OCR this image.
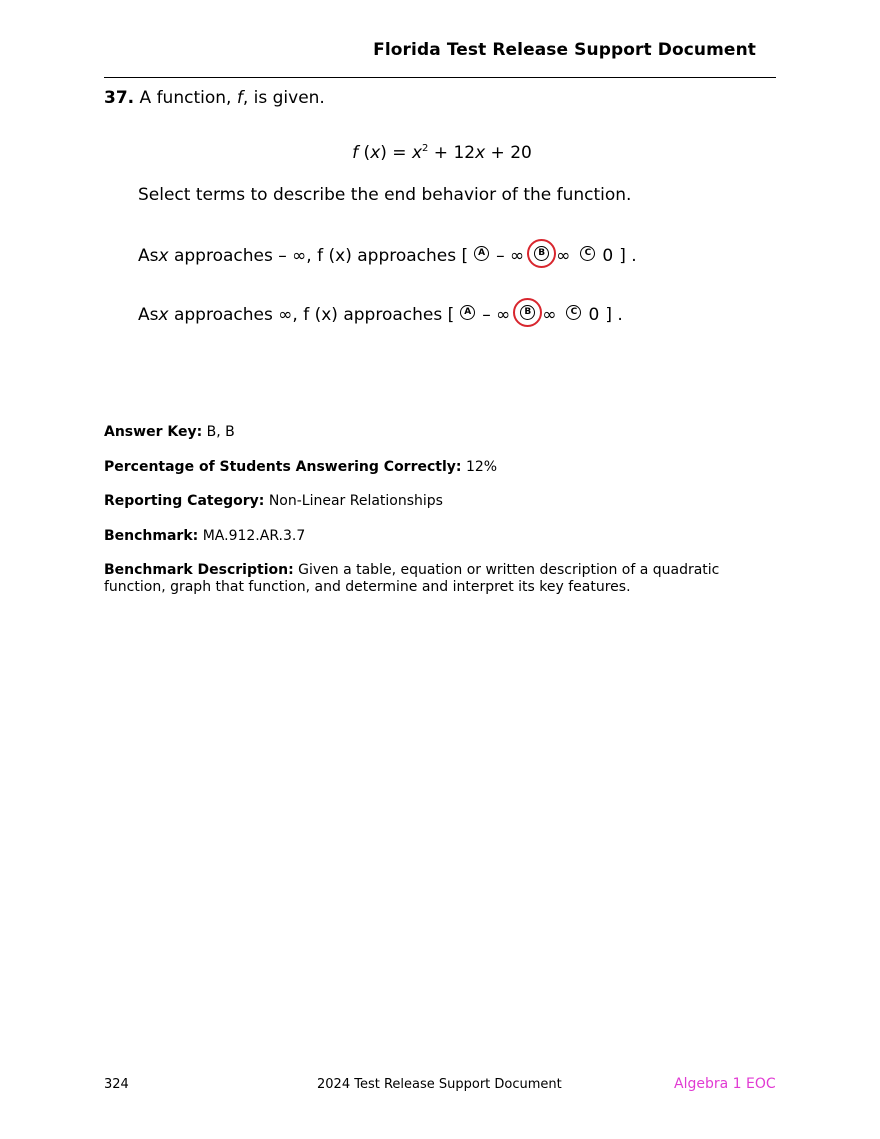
Florida Test Release Support Document
37. A function, f, is given.
f $(x) = x^2 + 12x + 20$
Select terms to describe the end behavior of the function.
As x approaches – ∞, f (x) approaches [	A – ∞	B ∞	C 0 ] .
As x approaches ∞, f (x) approaches [	A – ∞	B ∞	C 0 ] .
Answer Key: B, B
Percentage of Students Answering Correctly: 12%
Reporting Category: Non-Linear Relationships
Benchmark: MA.912.AR.3.7
Benchmark Description: Given a table, equation or written description of a quadratic function, graph that function, and determine and interpret its key features.
324	2024 Test Release Support Document	Algebra 1 EOC
